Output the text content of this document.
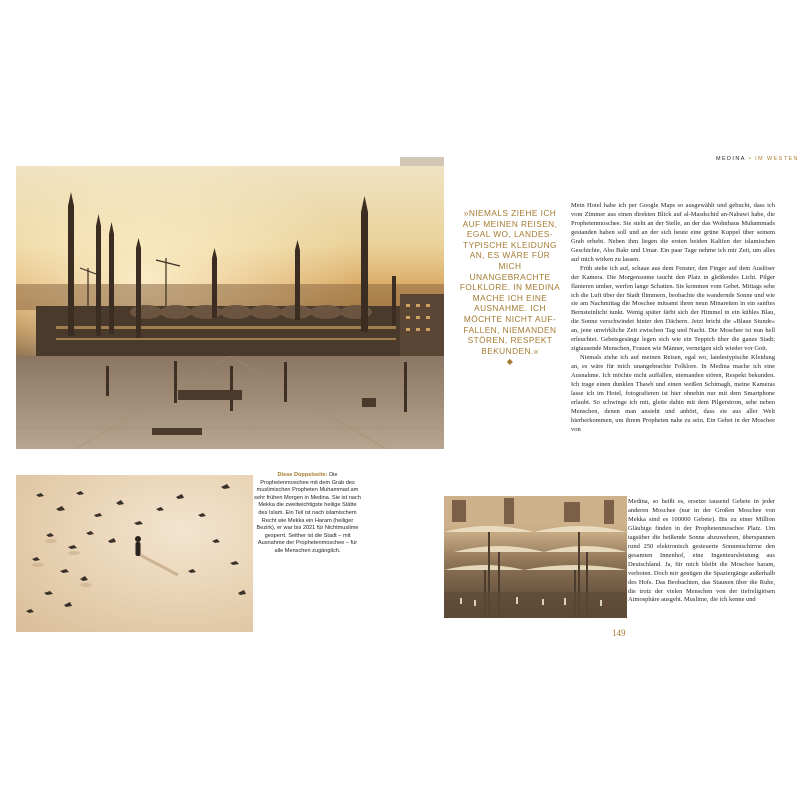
MEDINA • IM WESTEN
»NIEMALS ZIEHE ICH AUF MEINEN REISEN, EGAL WO, LANDES-TYPISCHE KLEIDUNG AN, ES WÄRE FÜR MICH UNANGEBRACHTE FOLKLORE. IN MEDINA MACHE ICH EINE AUSNAHME. ICH MÖCHTE NICHT AUF-FALLEN, NIEMANDEN STÖREN, RESPEKT BEKUNDEN.«
◆

Mein Hotel habe ich per Google Maps so ausgewählt und gebucht, dass ich vom Zimmer aus einen direkten Blick auf al-Masdschid an-Nabawi habe, die Prophetenmoschee. Sie steht an der Stelle, an der das Wohnhaus Muhammads gestanden haben soll und an der sich heute eine grüne Kuppel über seinem Grab erhebt. Neben ihm liegen die ersten beiden Kalifen der islamischen Geschichte, Abu Bakr und Umar. Ein paar Tage nehme ich mir Zeit, um alles auf mich wirken zu lassen.

Früh stehe ich auf, schaue aus dem Fenster, den Finger auf dem Auslöser der Kamera. Die Morgensonne taucht den Platz in gleißendes Licht. Pilger flanieren umher, werfen lange Schatten. Sie kommen vom Gebet. Mittags sehe ich die Luft über der Stadt flimmern, beobachte die wandernde Sonne und wie sie am Nachmittag die Moschee mitsamt ihren neun Minaretten in ein sanftes Bernsteinlicht tunkt. Wenig später färbt sich der Himmel in ein kühles Blau, die Sonne verschwindet hinter den Dächern. Jetzt bricht die »Blaue Stunde« an, jene unwirkliche Zeit zwischen Tag und Nacht. Die Moschee ist nun hell erleuchtet. Gebetsgesänge legen sich wie ein Teppich über die ganze Stadt; zigtausende Menschen, Frauen wie Männer, verneigen sich wieder vor Gott.

Niemals ziehe ich auf meinen Reisen, egal wo, landestypische Kleidung an, es wäre für mich unangebrachte Folklore. In Medina mache ich eine Ausnahme. Ich möchte nicht auffallen, niemanden stören, Respekt bekunden. Ich trage einen dunklen Thawb und einen weißen Schimagh, meine Kameras lasse ich im Hotel, fotografieren ist hier ohnehin nur mit dem Smartphone erlaubt. So schwinge ich mit, gleite dahin mit dem Pilgerstrom, sehe neben Menschen, denen man ansieht und anhört, dass sie aus aller Welt hierherkommen, um ihrem Propheten nahe zu sein. Ein Gebet in der Moschee von

Medina, so heißt es, ersetze tausend Gebete in jeder anderen Moschee (nur in der Großen Moschee von Mekka sind es 100000 Gebete). Bis zu einer Million Gläubige finden in der Prophetenmoschee Platz. Um tagsüber die beißende Sonne abzuwehren, überspannen rund 250 elektronisch gesteuerte Sonnenschirme den gesamten Innenhof, eine Ingenieursleistung aus Deutschland. Ja, für mich bleibt die Moschee haram, verboten. Doch mir genügen die Spaziergänge außerhalb des Hofs. Das Beobachten, das Staunen über die Ruhe, die trotz der vielen Menschen von der tiefreligiösen Atmosphäre ausgeht. Muslime, die ich kenne und

Diese Doppelseite: Die Prophetenmoschee mit dem Grab des muslimischen Propheten Muhammad am sehr frühen Morgen in Medina. Sie ist nach Mekka die zweitwichtigste heilige Stätte des Islam. Ein Teil ist nach islamischem Recht wie Mekka ein Haram (heiliger Bezirk), er war bis 2021 für Nichtmuslime gesperrt. Seither ist die Stadt – mit Ausnahme der Prophetenmoschee – für alle Menschen zugänglich.
149
